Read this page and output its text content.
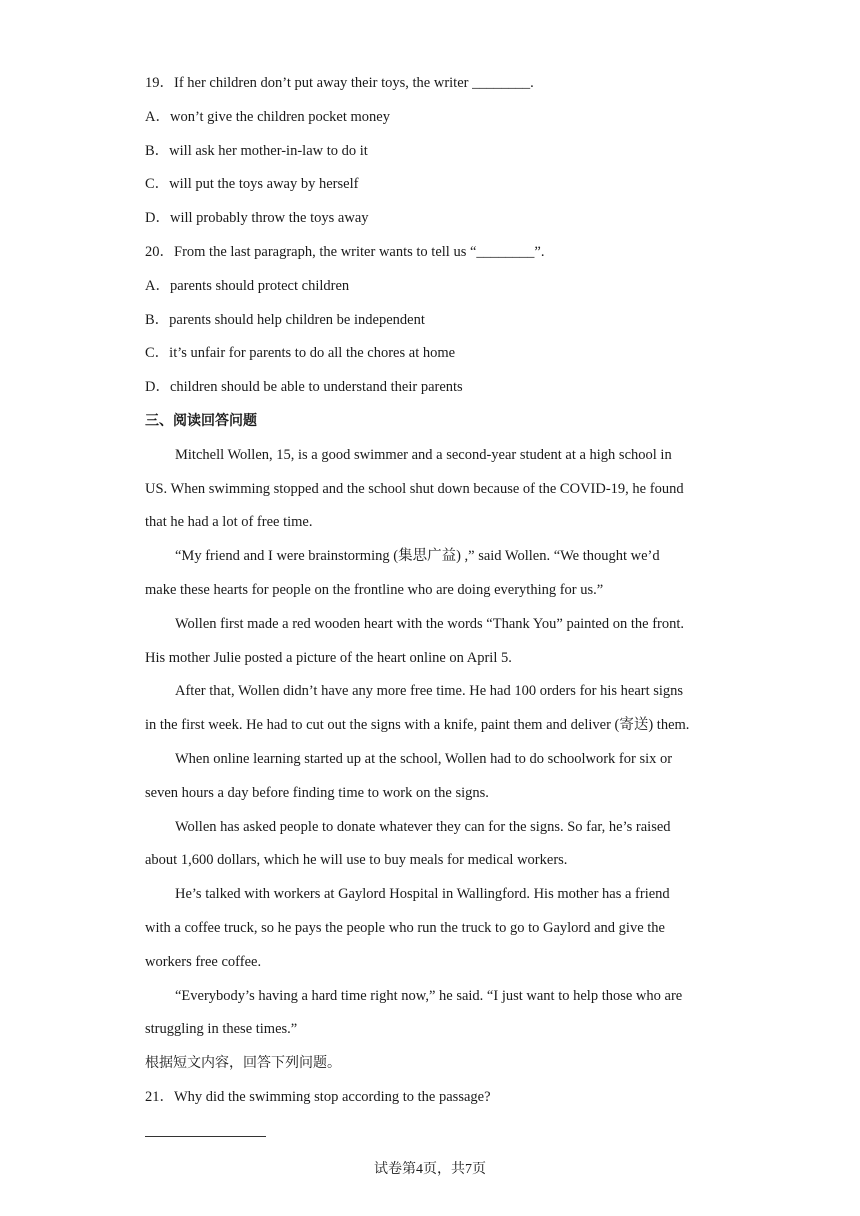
19．If her children don’t put away their toys, the writer ________.
A．won’t give the children pocket money
B．will ask her mother-in-law to do it
C．will put the toys away by herself
D．will probably throw the toys away
20．From the last paragraph, the writer wants to tell us “________”.
A．parents should protect children
B．parents should help children be independent
C．it’s unfair for parents to do all the chores at home
D．children should be able to understand their parents
三、阅读回答问题
Mitchell Wollen, 15, is a good swimmer and a second-year student at a high school in
US. When swimming stopped and the school shut down because of the COVID-19, he found
that he had a lot of free time.
“My friend and I were brainstorming (集思广益) ,” said Wollen. “We thought we’d
make these hearts for people on the frontline who are doing everything for us.”
Wollen first made a red wooden heart with the words “Thank You” painted on the front.
His mother Julie posted a picture of the heart online on April 5.
After that, Wollen didn’t have any more free time. He had 100 orders for his heart signs
in the first week. He had to cut out the signs with a knife, paint them and deliver (寄送) them.
When online learning started up at the school, Wollen had to do schoolwork for six or
seven hours a day before finding time to work on the signs.
Wollen has asked people to donate whatever they can for the signs. So far, he’s raised
about 1,600 dollars, which he will use to buy meals for medical workers.
He’s talked with workers at Gaylord Hospital in Wallingford. His mother has a friend
with a coffee truck, so he pays the people who run the truck to go to Gaylord and give the
workers free coffee.
“Everybody’s having a hard time right now,” he said. “I just want to help those who are
struggling in these times.”
根据短文内容，回答下列问题。
21．Why did the swimming stop according to the passage?
试卷第4页，共7页
